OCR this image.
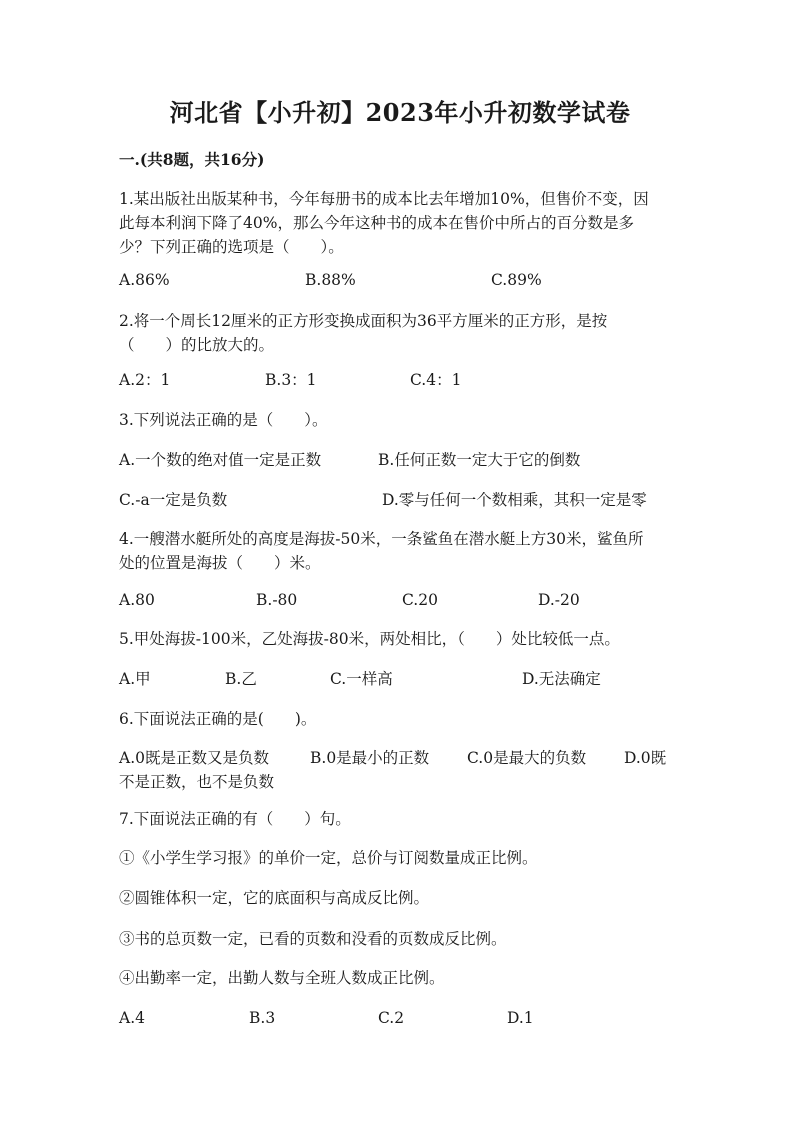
河北省【小升初】2023年小升初数学试卷
一.(共8题，共16分)
1.某出版社出版某种书，今年每册书的成本比去年增加10%，但售价不变，因
此每本利润下降了40%，那么今年这种书的成本在售价中所占的百分数是多
少？下列正确的选项是（　　）。
A.86%	B.88%	C.89%
2.将一个周长12厘米的正方形变换成面积为36平方厘米的正方形，是按
（　　）的比放大的。
A.2：1	B.3：1	C.4：1
3.下列说法正确的是（　　）。
A.一个数的绝对值一定是正数	B.任何正数一定大于它的倒数
C.-a一定是负数	D.零与任何一个数相乘，其积一定是零
4.一艘潜水艇所处的高度是海拔-50米，一条鲨鱼在潜水艇上方30米，鲨鱼所
处的位置是海拔（　　）米。
A.80	B.-80	C.20	D.-20
5.甲处海拔-100米，乙处海拔-80米，两处相比，（　　）处比较低一点。
A.甲	B.乙	C.一样高	D.无法确定
6.下面说法正确的是(　　)。
A.0既是正数又是负数	B.0是最小的正数 C.0是最大的负数 D.0既
不是正数，也不是负数
7.下面说法正确的有（　　）句。
①《小学生学习报》的单价一定，总价与订阅数量成正比例。
②圆锥体积一定，它的底面积与高成反比例。
③书的总页数一定，已看的页数和没看的页数成反比例。
④出勤率一定，出勤人数与全班人数成正比例。
A.4	B.3	C.2	D.1
